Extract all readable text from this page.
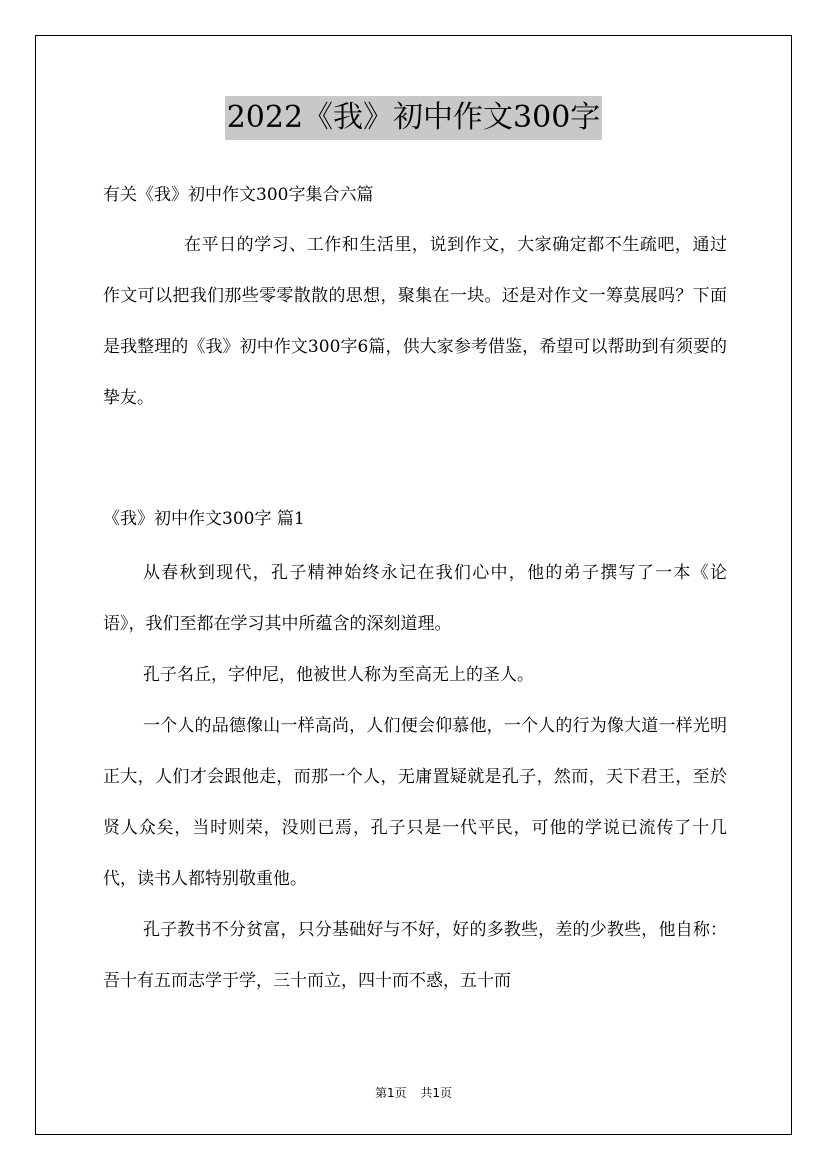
2022《我》初中作文300字
有关《我》初中作文300字集合六篇

在平日的学习、工作和生活里，说到作文，大家确定都不生疏吧，通过作文可以把我们那些零零散散的思想，聚集在一块。还是对作文一筹莫展吗？下面是我整理的《我》初中作文300字6篇，供大家参考借鉴，希望可以帮助到有须要的挚友。

《我》初中作文300字 篇1

从春秋到现代，孔子精神始终永记在我们心中，他的弟子撰写了一本《论语》，我们至都在学习其中所蕴含的深刻道理。

孔子名丘，字仲尼，他被世人称为至高无上的圣人。

一个人的品德像山一样高尚，人们便会仰慕他，一个人的行为像大道一样光明正大，人们才会跟他走，而那一个人，无庸置疑就是孔子，然而，天下君王，至於贤人众矣，当时则荣，没则已焉，孔子只是一代平民，可他的学说已流传了十几代，读书人都特别敬重他。

孔子教书不分贫富，只分基础好与不好，好的多教些，差的少教些，他自称：吾十有五而志学于学，三十而立，四十而不惑，五十而

第1页 共1页
